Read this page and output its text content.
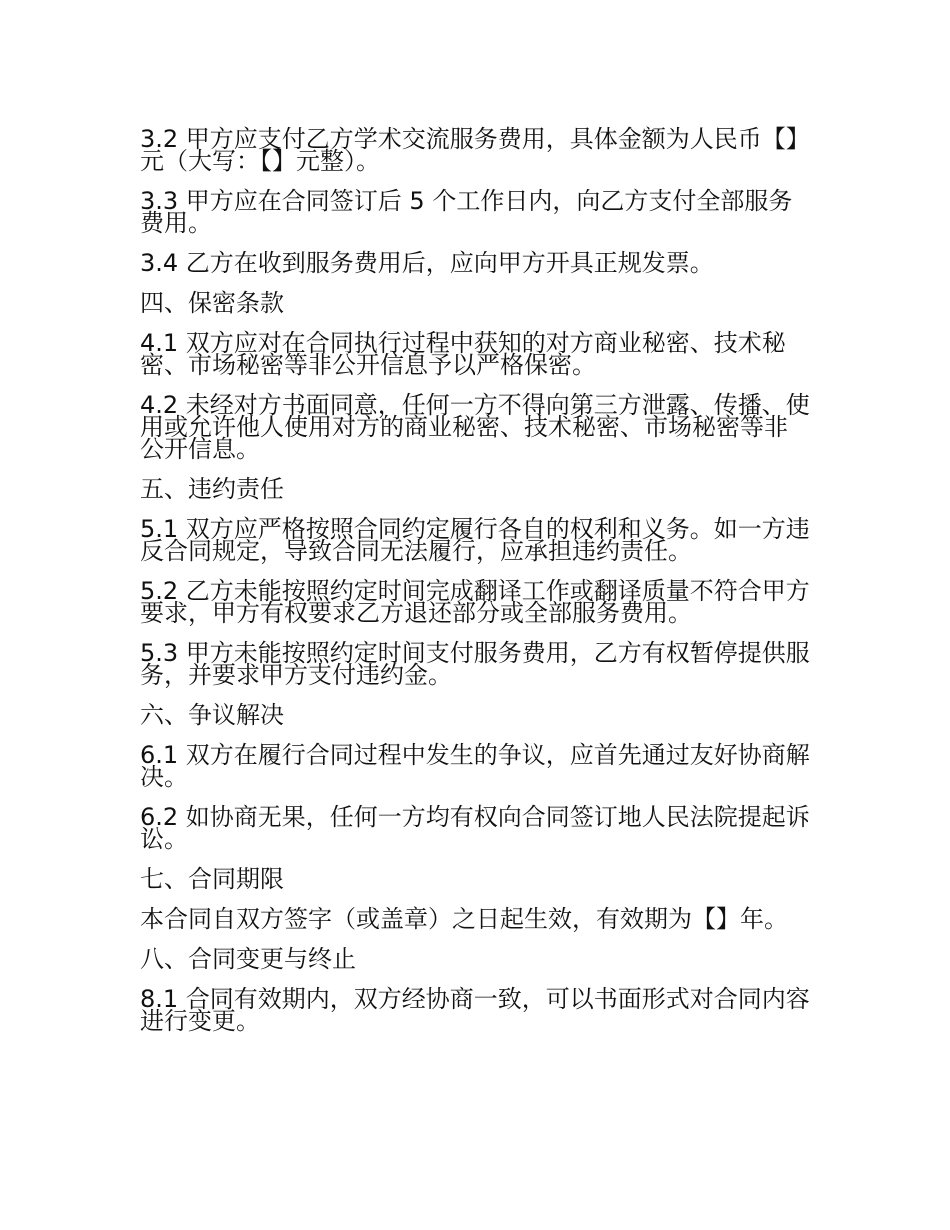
3.2 甲方应支付乙方学术交流服务费用，具体金额为人民币【】元（大写：【】元整）。

3.3 甲方应在合同签订后 5 个工作日内，向乙方支付全部服务费用。

3.4 乙方在收到服务费用后，应向甲方开具正规发票。

四、保密条款

4.1 双方应对在合同执行过程中获知的对方商业秘密、技术秘密、市场秘密等非公开信息予以严格保密。

4.2 未经对方书面同意，任何一方不得向第三方泄露、传播、使用或允许他人使用对方的商业秘密、技术秘密、市场秘密等非公开信息。

五、违约责任

5.1 双方应严格按照合同约定履行各自的权利和义务。如一方违反合同规定，导致合同无法履行，应承担违约责任。

5.2 乙方未能按照约定时间完成翻译工作或翻译质量不符合甲方要求，甲方有权要求乙方退还部分或全部服务费用。

5.3 甲方未能按照约定时间支付服务费用，乙方有权暂停提供服务，并要求甲方支付违约金。

六、争议解决

6.1 双方在履行合同过程中发生的争议，应首先通过友好协商解决。

6.2 如协商无果，任何一方均有权向合同签订地人民法院提起诉讼。

七、合同期限

本合同自双方签字（或盖章）之日起生效，有效期为【】年。

八、合同变更与终止

8.1 合同有效期内，双方经协商一致，可以书面形式对合同内容进行变更。
